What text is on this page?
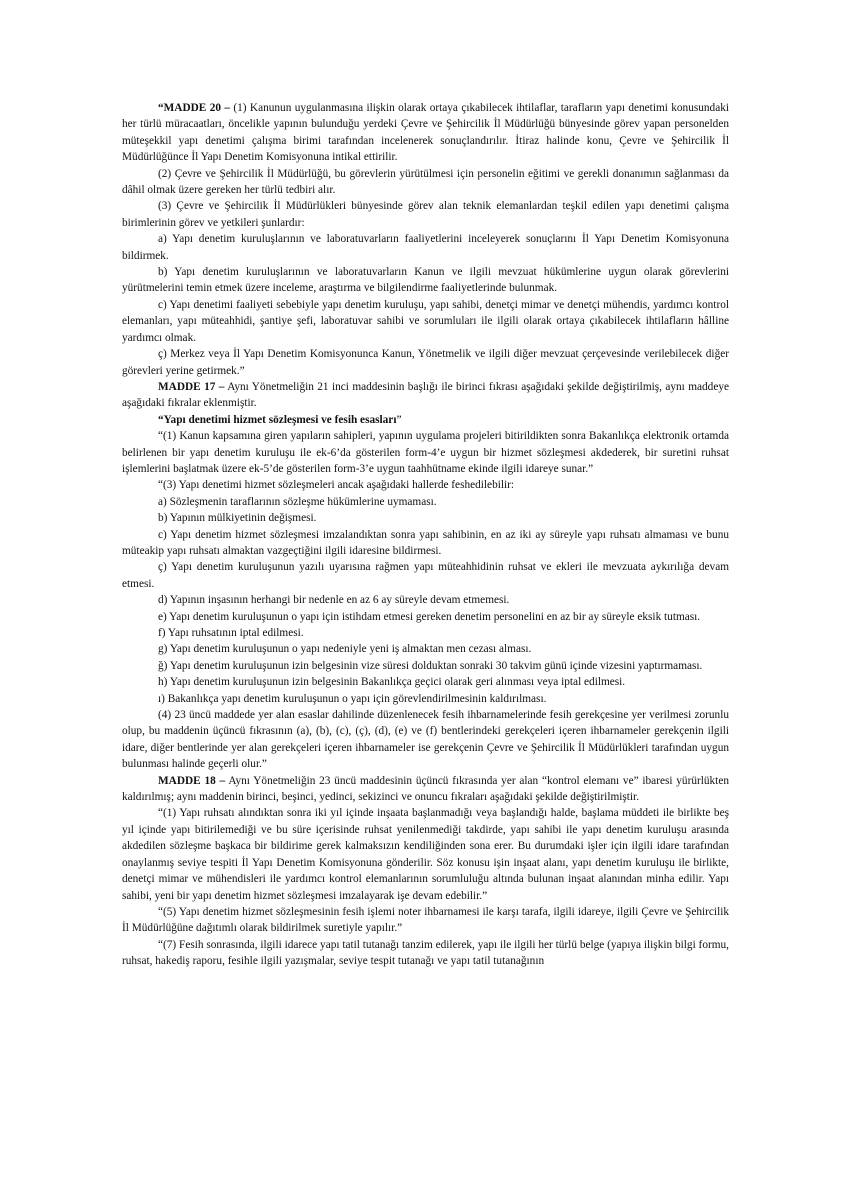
“MADDE 20 – (1) Kanunun uygulanmasına ilişkin olarak ortaya çıkabilecek ihtilaflar, tarafların yapı denetimi konusundaki her türlü müracaatları, öncelikle yapının bulunduğu yerdeki Çevre ve Şehircilik İl Müdürlüğü bünyesinde görev yapan personelden müteşekkil yapı denetimi çalışma birimi tarafından incelenerek sonuçlandırılır. İtiraz halinde konu, Çevre ve Şehircilik İl Müdürlüğünce İl Yapı Denetim Komisyonuna intikal ettirilir.

(2) Çevre ve Şehircilik İl Müdürlüğü, bu görevlerin yürütülmesi için personelin eğitimi ve gerekli donanımın sağlanması da dâhil olmak üzere gereken her türlü tedbiri alır.

(3) Çevre ve Şehircilik İl Müdürlükleri bünyesinde görev alan teknik elemanlardan teşkil edilen yapı denetimi çalışma birimlerinin görev ve yetkileri şunlardır:

a) Yapı denetim kuruluşlarının ve laboratuvarların faaliyetlerini inceleyerek sonuçlarını İl Yapı Denetim Komisyonuna bildirmek.

b) Yapı denetim kuruluşlarının ve laboratuvarların Kanun ve ilgili mevzuat hükümlerine uygun olarak görevlerini yürütmelerini temin etmek üzere inceleme, araştırma ve bilgilendirme faaliyetlerinde bulunmak.

c) Yapı denetimi faaliyeti sebebiyle yapı denetim kuruluşu, yapı sahibi, denetçi mimar ve denetçi mühendis, yardımcı kontrol elemanları, yapı müteahhidi, şantiye şefi, laboratuvar sahibi ve sorumluları ile ilgili olarak ortaya çıkabilecek ihtilafların hâlline yardımcı olmak.

ç) Merkez veya İl Yapı Denetim Komisyonunca Kanun, Yönetmelik ve ilgili diğer mevzuat çerçevesinde verilebilecek diğer görevleri yerine getirmek.”

MADDE 17 – Aynı Yönetmeliğin 21 inci maddesinin başlığı ile birinci fıkrası aşağıdaki şekilde değiştirilmiş, aynı maddeye aşağıdaki fıkralar eklenmiştir.

“Yapı denetimi hizmet sözleşmesi ve fesih esasları”

“(1) Kanun kapsamına giren yapıların sahipleri, yapının uygulama projeleri bitirildikten sonra Bakanlıkça elektronik ortamda belirlenen bir yapı denetim kuruluşu ile ek-6’da gösterilen form-4’e uygun bir hizmet sözleşmesi akdederek, bir suretini ruhsat işlemlerini başlatmak üzere ek-5’de gösterilen form-3’e uygun taahhütname ekinde ilgili idareye sunar.”

“(3) Yapı denetimi hizmet sözleşmeleri ancak aşağıdaki hallerde feshedilebilir:

a) Sözleşmenin taraflarının sözleşme hükümlerine uymaması.

b) Yapının mülkiyetinin değişmesi.

c) Yapı denetim hizmet sözleşmesi imzalandıktan sonra yapı sahibinin, en az iki ay süreyle yapı ruhsatı almaması ve bunu müteakip yapı ruhsatı almaktan vazgeçtiğini ilgili idaresine bildirmesi.

ç) Yapı denetim kuruluşunun yazılı uyarısına rağmen yapı müteahhidinin ruhsat ve ekleri ile mevzuata aykırılığa devam etmesi.

d) Yapının inşasının herhangi bir nedenle en az 6 ay süreyle devam etmemesi.

e) Yapı denetim kuruluşunun o yapı için istihdam etmesi gereken denetim personelini en az bir ay süreyle eksik tutması.

f) Yapı ruhsatının iptal edilmesi.

g) Yapı denetim kuruluşunun o yapı nedeniyle yeni iş almaktan men cezası alması.

ğ) Yapı denetim kuruluşunun izin belgesinin vize süresi dolduktan sonraki 30 takvim günü içinde vizesini yaptırmaması.

h) Yapı denetim kuruluşunun izin belgesinin Bakanlıkça geçici olarak geri alınması veya iptal edilmesi.

ı) Bakanlıkça yapı denetim kuruluşunun o yapı için görevlendirilmesinin kaldırılması.

(4) 23 üncü maddede yer alan esaslar dahilinde düzenlenecek fesih ihbarnamelerinde fesih gerekçesine yer verilmesi zorunlu olup, bu maddenin üçüncü fıkrasının (a), (b), (c), (ç), (d), (e) ve (f) bentlerindeki gerekçeleri içeren ihbarnameler gerekçenin ilgili idare, diğer bentlerinde yer alan gerekçeleri içeren ihbarnameler ise gerekçenin Çevre ve Şehircilik İl Müdürlükleri tarafından uygun bulunması halinde geçerli olur.”

MADDE 18 – Aynı Yönetmeliğin 23 üncü maddesinin üçüncü fıkrasında yer alan “kontrol elemanı ve” ibaresi yürürlükten kaldırılmış; aynı maddenin birinci, beşinci, yedinci, sekizinci ve onuncu fıkraları aşağıdaki şekilde değiştirilmiştir.

“(1) Yapı ruhsatı alındıktan sonra iki yıl içinde inşaata başlanmadığı veya başlandığı halde, başlama müddeti ile birlikte beş yıl içinde yapı bitirilemediği ve bu süre içerisinde ruhsat yenilenmediği takdirde, yapı sahibi ile yapı denetim kuruluşu arasında akdedilen sözleşme başkaca bir bildirime gerek kalmaksızın kendiliğinden sona erer. Bu durumdaki işler için ilgili idare tarafından onaylanmış seviye tespiti İl Yapı Denetim Komisyonuna gönderilir. Söz konusu işin inşaat alanı, yapı denetim kuruluşu ile birlikte, denetçi mimar ve mühendisleri ile yardımcı kontrol elemanlarının sorumluluğu altında bulunan inşaat alanından minha edilir. Yapı sahibi, yeni bir yapı denetim hizmet sözleşmesi imzalayarak işe devam edebilir.”

“(5) Yapı denetim hizmet sözleşmesinin fesih işlemi noter ihbarnamesi ile karşı tarafa, ilgili idareye, ilgili Çevre ve Şehircilik İl Müdürlüğüne dağıtımlı olarak bildirilmek suretiyle yapılır.”

“(7) Fesih sonrasında, ilgili idarece yapı tatil tutanağı tanzim edilerek, yapı ile ilgili her türlü belge (yapıya ilişkin bilgi formu, ruhsat, hakediş raporu, fesihle ilgili yazışmalar, seviye tespit tutanağı ve yapı tatil tutanağının
